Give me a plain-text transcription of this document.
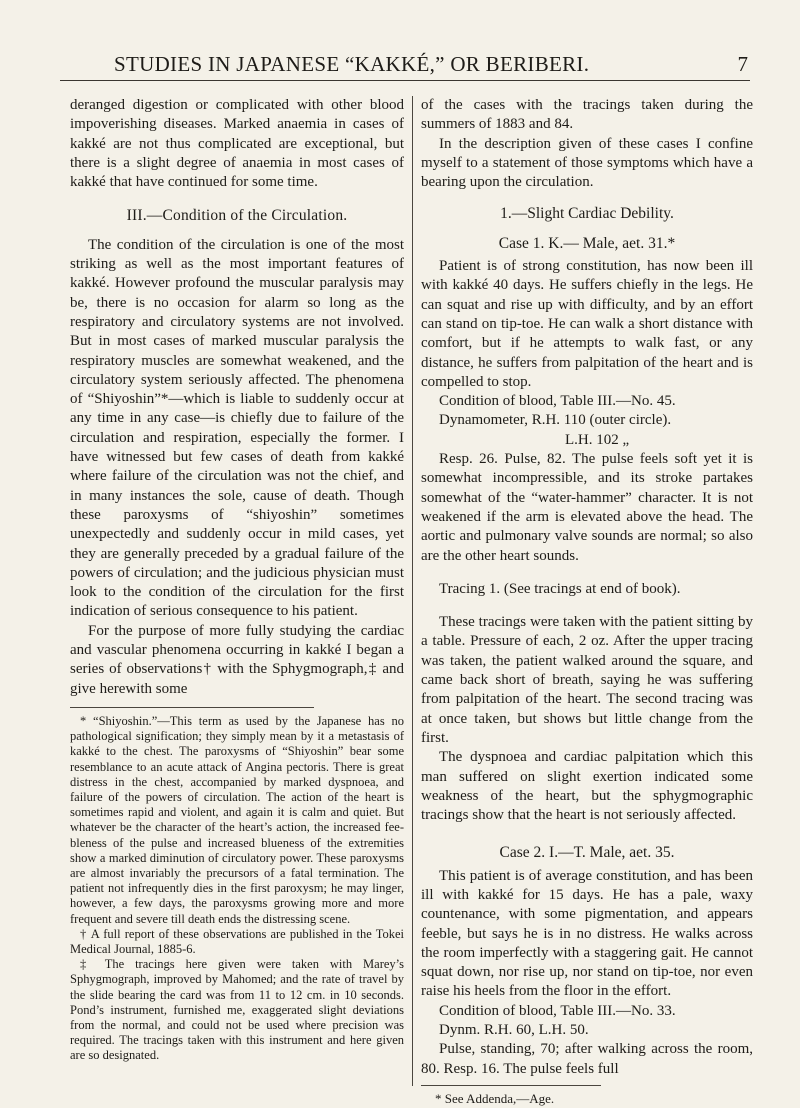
STUDIES IN JAPANESE “KAKKÉ,” OR BERIBERI.	7

deranged digestion or complicated with other blood impoverishing diseases. Marked anaemia in cases of kakké are not thus complicated are exceptional, but there is a slight degree of anaemia in most cases of kakké that have continued for some time.

III.—Condition of the Circulation.

The condition of the circulation is one of the most striking as well as the most important features of kakké. However profound the muscular paralysis may be, there is no occasion for alarm so long as the respiratory and circulatory systems are not involved. But in most cases of marked muscular paralysis the respiratory muscles are somewhat weakened, and the circulatory system seriously affected. The phenomena of “Shiyoshin”*—which is liable to suddenly occur at any time in any case—is chiefly due to failure of the circulation and respiration, especially the former. I have witnessed but few cases of death from kakké where failure of the circulation was not the chief, and in many instances the sole, cause of death. Though these paroxysms of “shiyoshin” sometimes unexpectedly and suddenly occur in mild cases, yet they are generally preceded by a gradual failure of the powers of circulation; and the judicious physician must look to the condition of the circulation for the first indication of serious consequence to his patient.

For the purpose of more fully studying the cardiac and vascular phenomena occurring in kakké I began a series of observations† with the Sphygmograph,‡ and give herewith some

* “Shiyoshin.”—This term as used by the Japanese has no pathological signification; they simply mean by it a metastasis of kakké to the chest. The paroxysms of “Shiyoshin” bear some resemblance to an acute attack of Angina pectoris. There is great distress in the chest, accompanied by marked dyspnoea, and failure of the powers of circulation. The action of the heart is sometimes rapid and violent, and again it is calm and quiet. But whatever be the character of the heart’s action, the increased feebleness of the pulse and increased blueness of the extremities show a marked diminution of circulatory power. These paroxysms are almost invariably the precursors of a fatal termination. The patient not infrequently dies in the first paroxysm; he may linger, however, a few days, the paroxysms growing more and more frequent and severe till death ends the distressing scene.

† A full report of these observations are published in the Tokei Medical Journal, 1885-6.

‡ The tracings here given were taken with Marey’s Sphygmograph, improved by Mahomed; and the rate of travel by the slide bearing the card was from 11 to 12 cm. in 10 seconds. Pond’s instrument, furnished me, exaggerated slight deviations from the normal, and could not be used where precision was required. The tracings taken with this instrument and here given are so designated.

of the cases with the tracings taken during the summers of 1883 and 84.

In the description given of these cases I confine myself to a statement of those symptoms which have a bearing upon the circulation.

1.—Slight Cardiac Debility.

Case 1. K.— Male, aet. 31.*

Patient is of strong constitution, has now been ill with kakké 40 days. He suffers chiefly in the legs. He can squat and rise up with difficulty, and by an effort can stand on tip-toe. He can walk a short distance with comfort, but if he attempts to walk fast, or any distance, he suffers from palpitation of the heart and is compelled to stop.

Condition of blood, Table III.—No. 45.
Dynamometer, R.H. 110 (outer circle).
L.H. 102 „

Resp. 26. Pulse, 82. The pulse feels soft yet it is somewhat incompressible, and its stroke partakes somewhat of the “water-hammer” character. It is not weakened if the arm is elevated above the head. The aortic and pulmonary valve sounds are normal; so also are the other heart sounds.

Tracing 1. (See tracings at end of book).

These tracings were taken with the patient sitting by a table. Pressure of each, 2 oz. After the upper tracing was taken, the patient walked around the square, and came back short of breath, saying he was suffering from palpitation of the heart. The second tracing was at once taken, but shows but little change from the first.

The dyspnoea and cardiac palpitation which this man suffered on slight exertion indicated some weakness of the heart, but the sphygmographic tracings show that the heart is not seriously affected.

Case 2. I.—T. Male, aet. 35.

This patient is of average constitution, and has been ill with kakké for 15 days. He has a pale, waxy countenance, with some pigmentation, and appears feeble, but says he is in no distress. He walks across the room imperfectly with a staggering gait. He cannot squat down, nor rise up, nor stand on tip-toe, nor even raise his heels from the floor in the effort.

Condition of blood, Table III.—No. 33.
Dynm. R.H. 60, L.H. 50.

Pulse, standing, 70; after walking across the room, 80. Resp. 16. The pulse feels full

* See Addenda,—Age.
